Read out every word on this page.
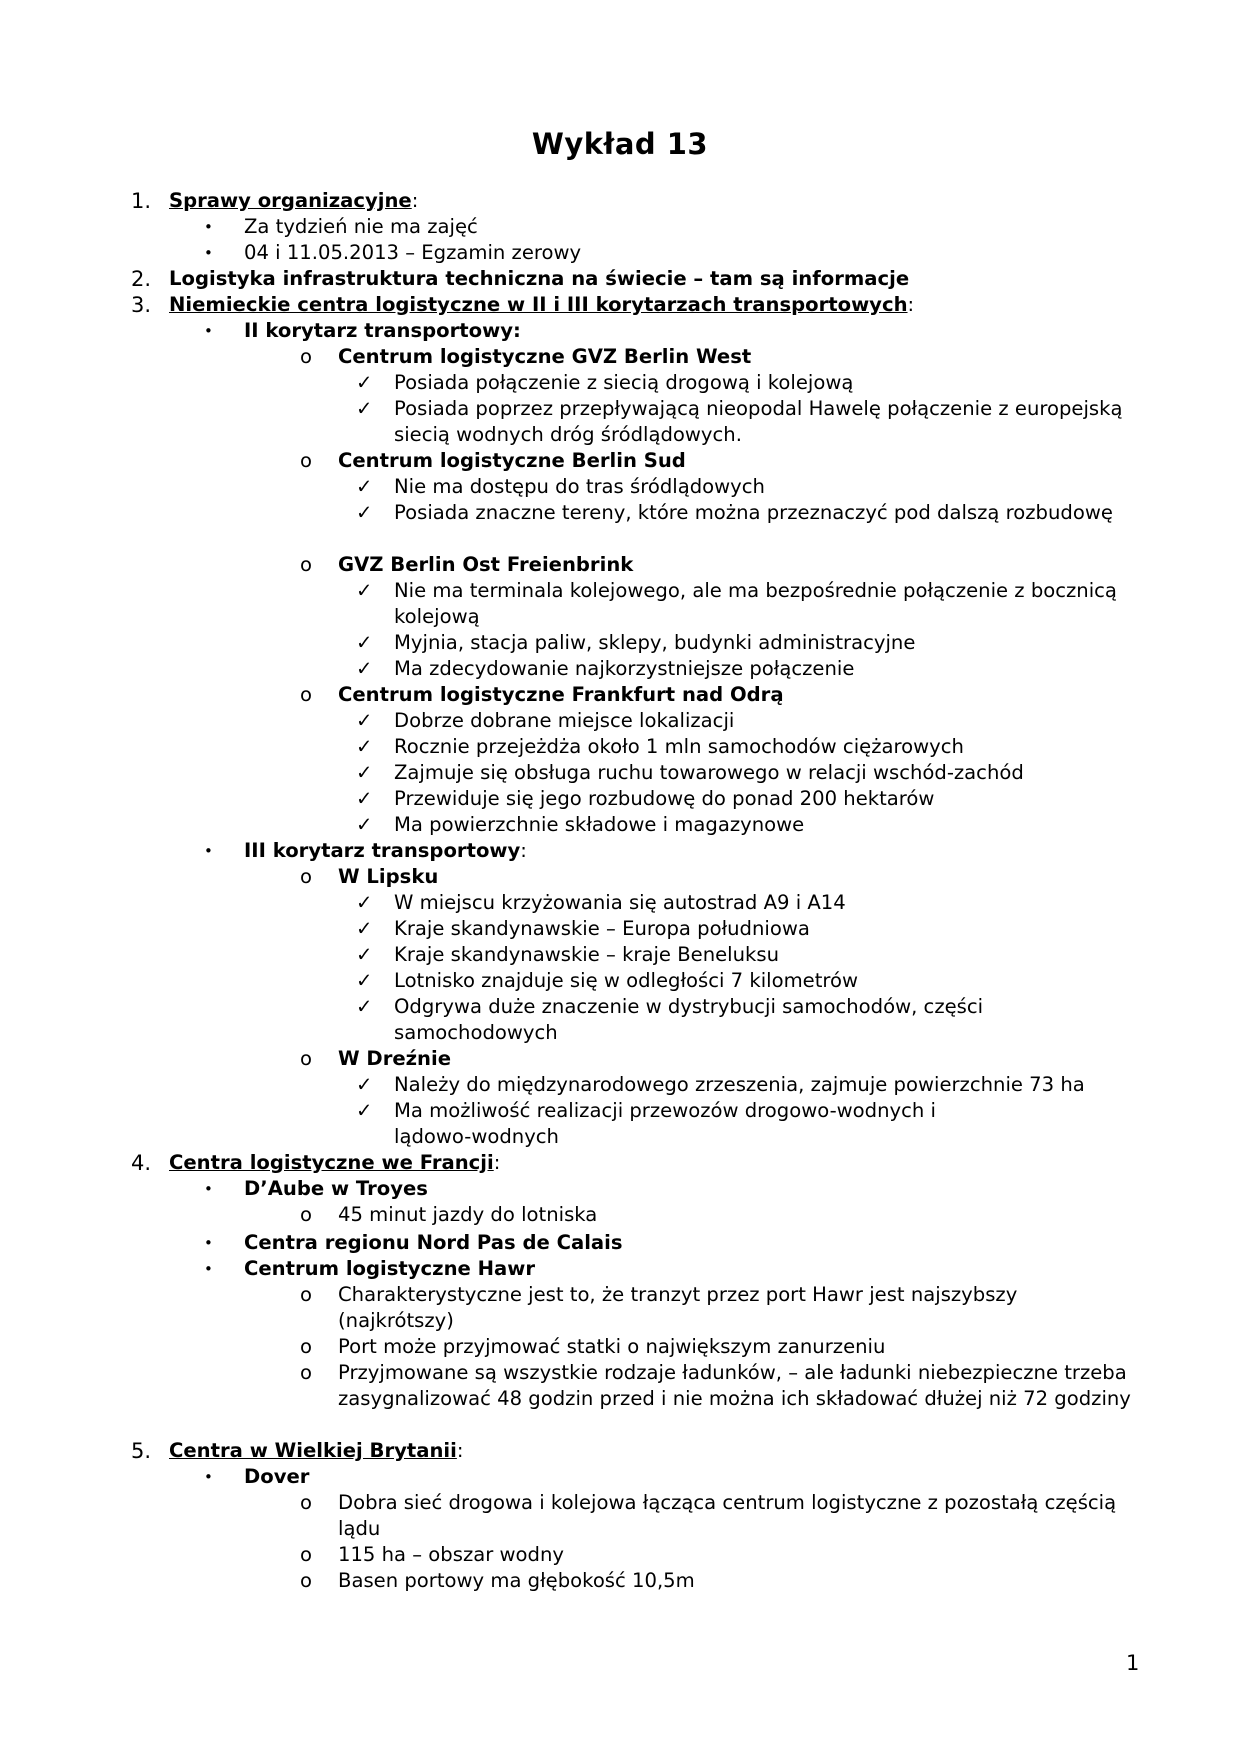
Wykład 13
1. Sprawy organizacyjne:
• Za tydzień nie ma zajęć
• 04 i 11.05.2013 – Egzamin zerowy
2. Logistyka infrastruktura techniczna na świecie – tam są informacje
3. Niemieckie centra logistyczne w II i III korytarzach transportowych:
• II korytarz transportowy:
o Centrum logistyczne GVZ Berlin West
✓ Posiada połączenie z siecią drogową i kolejową
✓ Posiada poprzez przepływającą nieopodal Hawelę połączenie z europejską siecią wodnych dróg śródlądowych.
o Centrum logistyczne Berlin Sud
✓ Nie ma dostępu do tras śródlądowych
✓ Posiada znaczne tereny, które można przeznaczyć pod dalszą rozbudowę
o GVZ Berlin Ost Freienbrink
✓ Nie ma terminala kolejowego, ale ma bezpośrednie połączenie z bocznicą kolejową
✓ Myjnia, stacja paliw, sklepy, budynki administracyjne
✓ Ma zdecydowanie najkorzystniejsze połączenie
o Centrum logistyczne Frankfurt nad Odrą
✓ Dobrze dobrane miejsce lokalizacji
✓ Rocznie przejeżdża około 1 mln samochodów ciężarowych
✓ Zajmuje się obsługa ruchu towarowego w relacji wschód-zachód
✓ Przewiduje się jego rozbudowę do ponad 200 hektarów
✓ Ma powierzchnie składowe i magazynowe
• III korytarz transportowy:
o W Lipsku
✓ W miejscu krzyżowania się autostrad A9 i A14
✓ Kraje skandynawskie – Europa południowa
✓ Kraje skandynawskie – kraje Beneluksu
✓ Lotnisko znajduje się w odległości 7 kilometrów
✓ Odgrywa duże znaczenie w dystrybucji samochodów, części samochodowych
o W Dreźnie
✓ Należy do międzynarodowego zrzeszenia, zajmuje powierzchnie 73 ha
✓ Ma możliwość realizacji przewozów drogowo-wodnych i lądowo-wodnych
4. Centra logistyczne we Francji:
• D’Aube w Troyes
o 45 minut jazdy do lotniska
• Centra regionu Nord Pas de Calais
• Centrum logistyczne Hawr
o Charakterystyczne jest to, że tranzyt przez port Hawr jest najszybszy (najkrótszy)
o Port może przyjmować statki o największym zanurzeniu
o Przyjmowane są wszystkie rodzaje ładunków, – ale ładunki niebezpieczne trzeba zasygnalizować 48 godzin przed i nie można ich składować dłużej niż 72 godziny
5. Centra w Wielkiej Brytanii:
• Dover
o Dobra sieć drogowa i kolejowa łącząca centrum logistyczne z pozostałą częścią lądu
o 115 ha – obszar wodny
o Basen portowy ma głębokość 10,5m
1
